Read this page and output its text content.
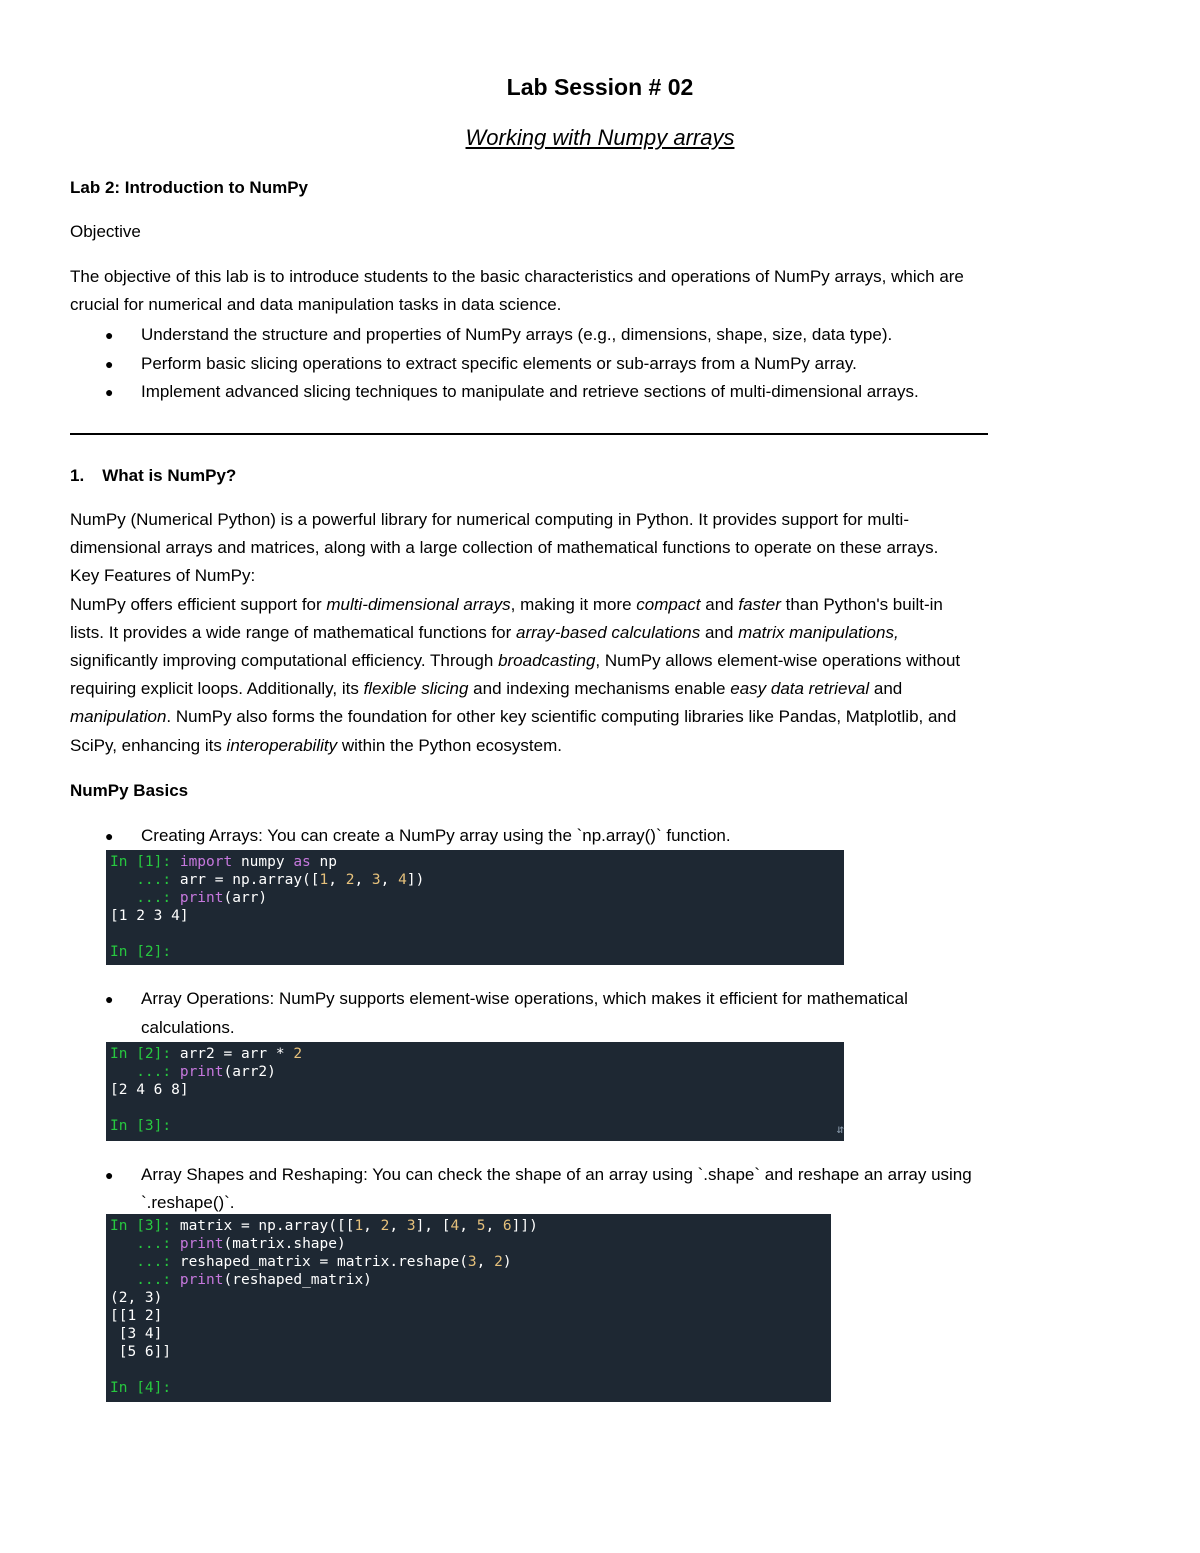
Lab Session # 02
Working with Numpy arrays
Lab 2: Introduction to NumPy
Objective
The objective of this lab is to introduce students to the basic characteristics and operations of NumPy arrays, which are
crucial for numerical and data manipulation tasks in data science.
● Understand the structure and properties of NumPy arrays (e.g., dimensions, shape, size, data type).
● Perform basic slicing operations to extract specific elements or sub-arrays from a NumPy array.
● Implement advanced slicing techniques to manipulate and retrieve sections of multi-dimensional arrays.
1. What is NumPy?
NumPy (Numerical Python) is a powerful library for numerical computing in Python. It provides support for multi-
dimensional arrays and matrices, along with a large collection of mathematical functions to operate on these arrays.
Key Features of NumPy:
NumPy offers efficient support for multi-dimensional arrays, making it more compact and faster than Python's built-in
lists. It provides a wide range of mathematical functions for array-based calculations and matrix manipulations,
significantly improving computational efficiency. Through broadcasting, NumPy allows element-wise operations without
requiring explicit loops. Additionally, its flexible slicing and indexing mechanisms enable easy data retrieval and
manipulation. NumPy also forms the foundation for other key scientific computing libraries like Pandas, Matplotlib, and
SciPy, enhancing its interoperability within the Python ecosystem.
NumPy Basics
● Creating Arrays: You can create a NumPy array using the `np.array()` function.
In [1]: import numpy as np
...: arr = np.array([1, 2, 3, 4])
...: print(arr)
[1 2 3 4]
In [2]:
● Array Operations: NumPy supports element-wise operations, which makes it efficient for mathematical
calculations.
In [2]: arr2 = arr * 2
...: print(arr2)
[2 4 6 8]
In [3]:	⇵
● Array Shapes and Reshaping: You can check the shape of an array using `.shape` and reshape an array using
`.reshape()`.
In [3]: matrix = np.array([[1, 2, 3], [4, 5, 6]])
...: print(matrix.shape)
...: reshaped_matrix = matrix.reshape(3, 2)
...: print(reshaped_matrix)
(2, 3)
[[1 2]
[3 4]
[5 6]]
In [4]:
